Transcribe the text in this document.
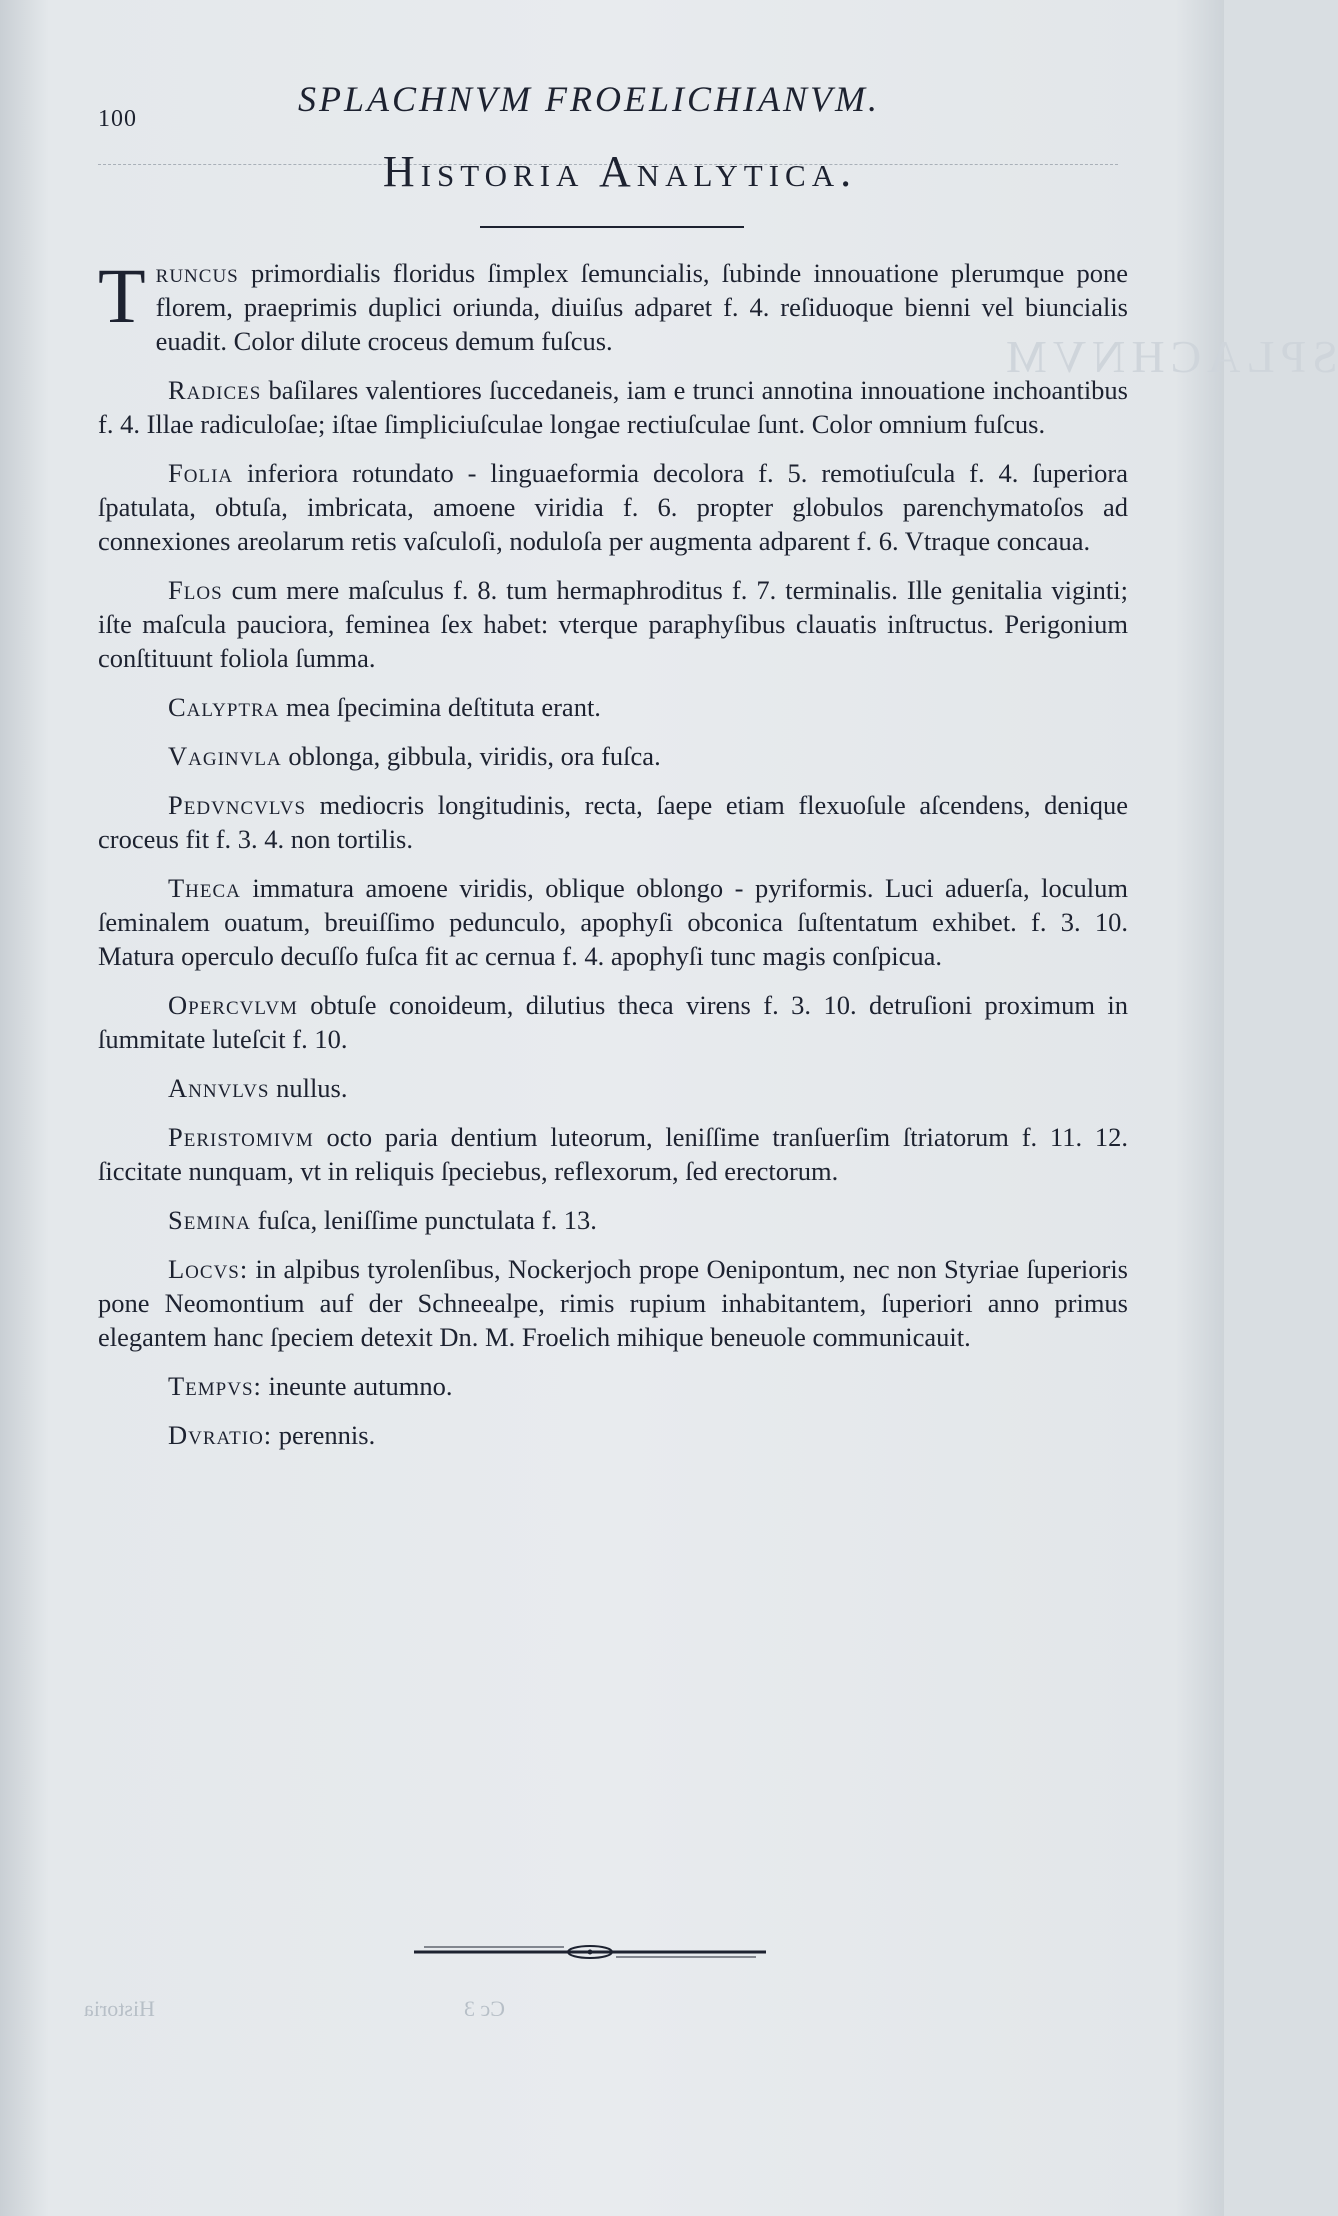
SPLACHNVM
100	SPLACHNVM FROELICHIANVM.
Historia Analytica.

Truncus primordialis floridus ſimplex ſemuncialis, ſubinde innouatione plerumque pone florem, praeprimis duplici oriunda, diuiſus adparet f. 4. reſiduoque bienni vel biuncialis euadit. Color dilute croceus demum fuſcus.

Radices baſilares valentiores ſuccedaneis, iam e trunci annotina innouatione inchoantibus f. 4. Illae radiculoſae; iſtae ſimpliciuſculae longae rectiuſculae ſunt. Color omnium fuſcus.

Folia inferiora rotundato - linguaeformia decolora f. 5. remotiuſcula f. 4. ſuperiora ſpatulata, obtuſa, imbricata, amoene viridia f. 6. propter globulos parenchymatoſos ad connexiones areolarum retis vaſculoſi, noduloſa per augmenta adparent f. 6. Vtraque concaua.

Flos cum mere maſculus f. 8. tum hermaphroditus f. 7. terminalis. Ille genitalia viginti; iſte maſcula pauciora, feminea ſex habet: vterque paraphyſibus clauatis inſtructus. Perigonium conſtituunt foliola ſumma.

Calyptra mea ſpecimina deſtituta erant.

Vaginvla oblonga, gibbula, viridis, ora fuſca.

Pedvncvlvs mediocris longitudinis, recta, ſaepe etiam flexuoſule aſcendens, denique croceus fit f. 3. 4. non tortilis.

Theca immatura amoene viridis, oblique oblongo - pyriformis. Luci aduerſa, loculum ſeminalem ouatum, breuiſſimo pedunculo, apophyſi obconica ſuſtentatum exhibet. f. 3. 10. Matura operculo decuſſo fuſca fit ac cernua f. 4. apophyſi tunc magis conſpicua.

Opercvlvm obtuſe conoideum, dilutius theca virens f. 3. 10. detruſioni proximum in ſummitate luteſcit f. 10.

Annvlvs nullus.

Peristomivm octo paria dentium luteorum, leniſſime tranſuerſim ſtriatorum f. 11. 12. ſiccitate nunquam, vt in reliquis ſpeciebus, reflexorum, ſed erectorum.

Semina fuſca, leniſſime punctulata f. 13.

Locvs: in alpibus tyrolenſibus, Nockerjoch prope Oenipontum, nec non Styriae ſuperioris pone Neomontium auf der Schneealpe, rimis rupium inhabitantem, ſuperiori anno primus elegantem hanc ſpeciem detexit Dn. M. Froelich mihique beneuole communicauit.

Tempvs: ineunte autumno.

Dvratio: perennis.

Historia	Cc 3
